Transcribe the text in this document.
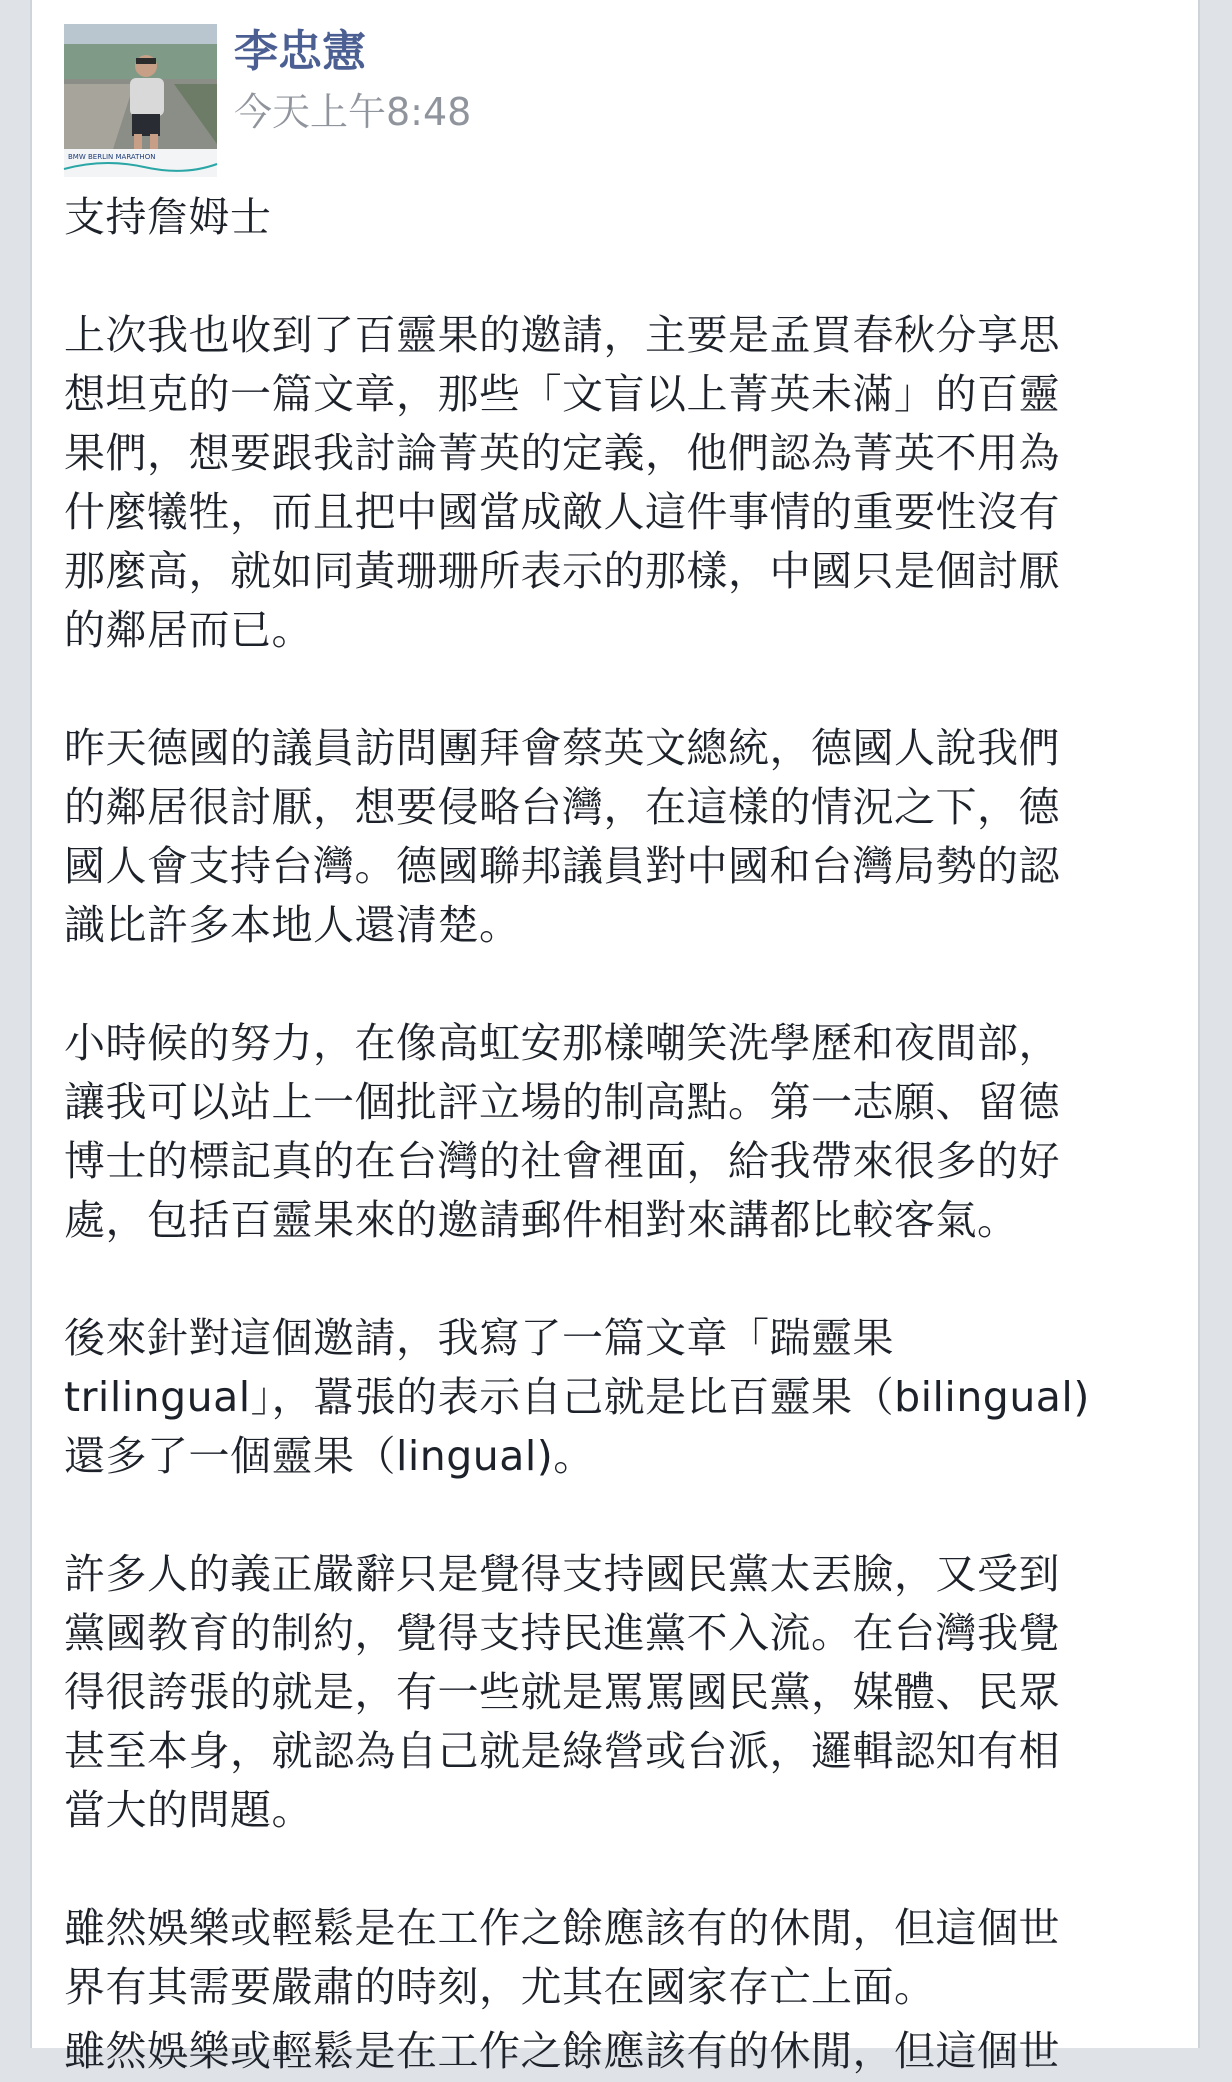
BMW BERLIN MARATHON
李忠憲
今天上午8:48

支持詹姆士

上次我也收到了百靈果的邀請，主要是孟買春秋分享思
想坦克的一篇文章，那些「文盲以上菁英未滿」的百靈
果們，想要跟我討論菁英的定義，他們認為菁英不用為
什麼犧牲，而且把中國當成敵人這件事情的重要性沒有
那麼高，就如同黃珊珊所表示的那樣，中國只是個討厭
的鄰居而已。

昨天德國的議員訪問團拜會蔡英文總統，德國人說我們
的鄰居很討厭，想要侵略台灣，在這樣的情況之下，德
國人會支持台灣。德國聯邦議員對中國和台灣局勢的認
識比許多本地人還清楚。

小時候的努力，在像高虹安那樣嘲笑洗學歷和夜間部，
讓我可以站上一個批評立場的制高點。第一志願、留德
博士的標記真的在台灣的社會裡面，給我帶來很多的好
處，包括百靈果來的邀請郵件相對來講都比較客氣。

後來針對這個邀請，我寫了一篇文章「踹靈果
trilingual」，囂張的表示自己就是比百靈果（bilingual)
還多了一個靈果（lingual)。

許多人的義正嚴辭只是覺得支持國民黨太丟臉，又受到
黨國教育的制約，覺得支持民進黨不入流。在台灣我覺
得很誇張的就是，有一些就是罵罵國民黨，媒體、民眾
甚至本身，就認為自己就是綠營或台派，邏輯認知有相
當大的問題。

雖然娛樂或輕鬆是在工作之餘應該有的休閒，但這個世
界有其需要嚴肅的時刻，尤其在國家存亡上面。

雖然娛樂或輕鬆是在工作之餘應該有的休閒，但這個世
